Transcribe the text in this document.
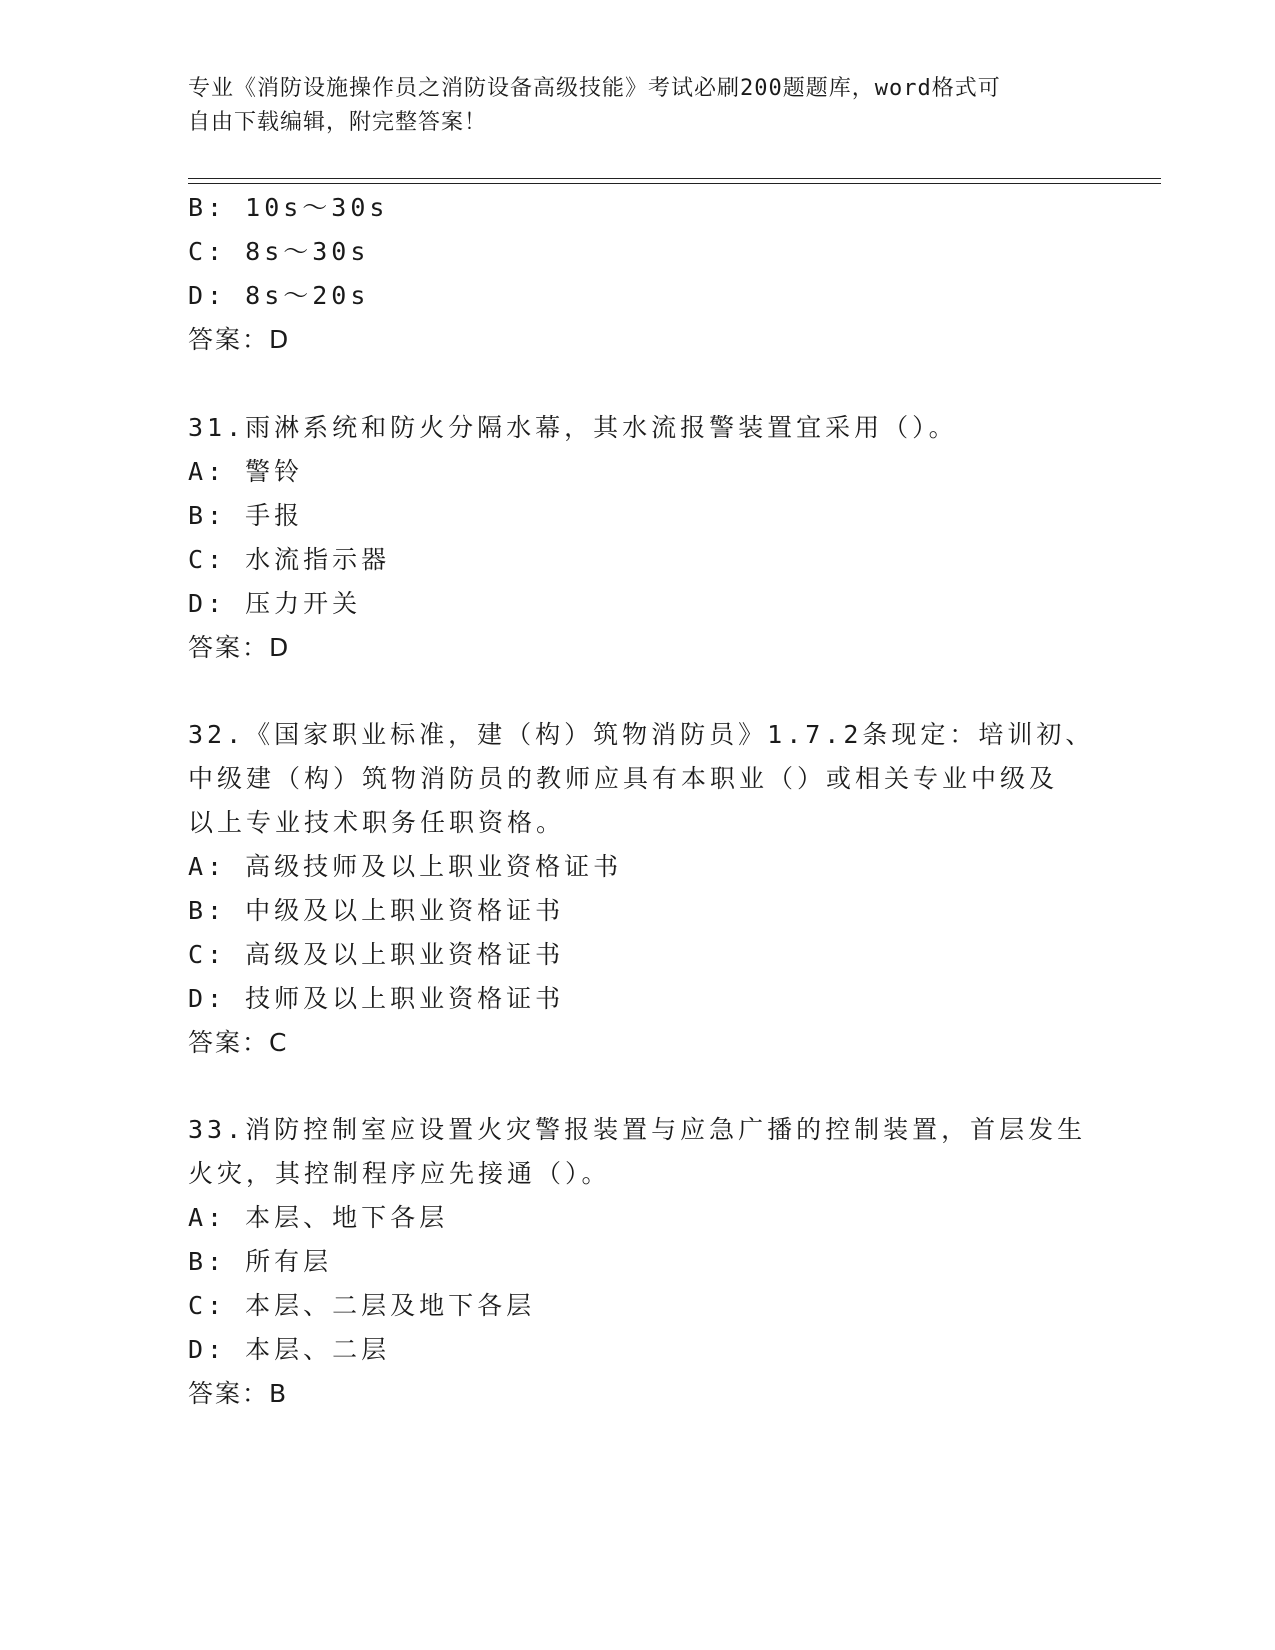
专业《消防设施操作员之消防设备高级技能》考试必刷200题题库，word格式可
自由下载编辑，附完整答案！
B: 10s～30s
C: 8s～30s
D: 8s～20s
答案：D
31.雨淋系统和防火分隔水幕，其水流报警装置宜采用（）。
A: 警铃
B: 手报
C: 水流指示器
D: 压力开关
答案：D
32.《国家职业标准，建（构）筑物消防员》1.7.2条现定：培训初、
中级建（构）筑物消防员的教师应具有本职业（）或相关专业中级及
以上专业技术职务任职资格。
A: 高级技师及以上职业资格证书
B: 中级及以上职业资格证书
C: 高级及以上职业资格证书
D: 技师及以上职业资格证书
答案：C
33.消防控制室应设置火灾警报装置与应急广播的控制装置，首层发生
火灾，其控制程序应先接通（）。
A: 本层、地下各层
B: 所有层
C: 本层、二层及地下各层
D: 本层、二层
答案：B
